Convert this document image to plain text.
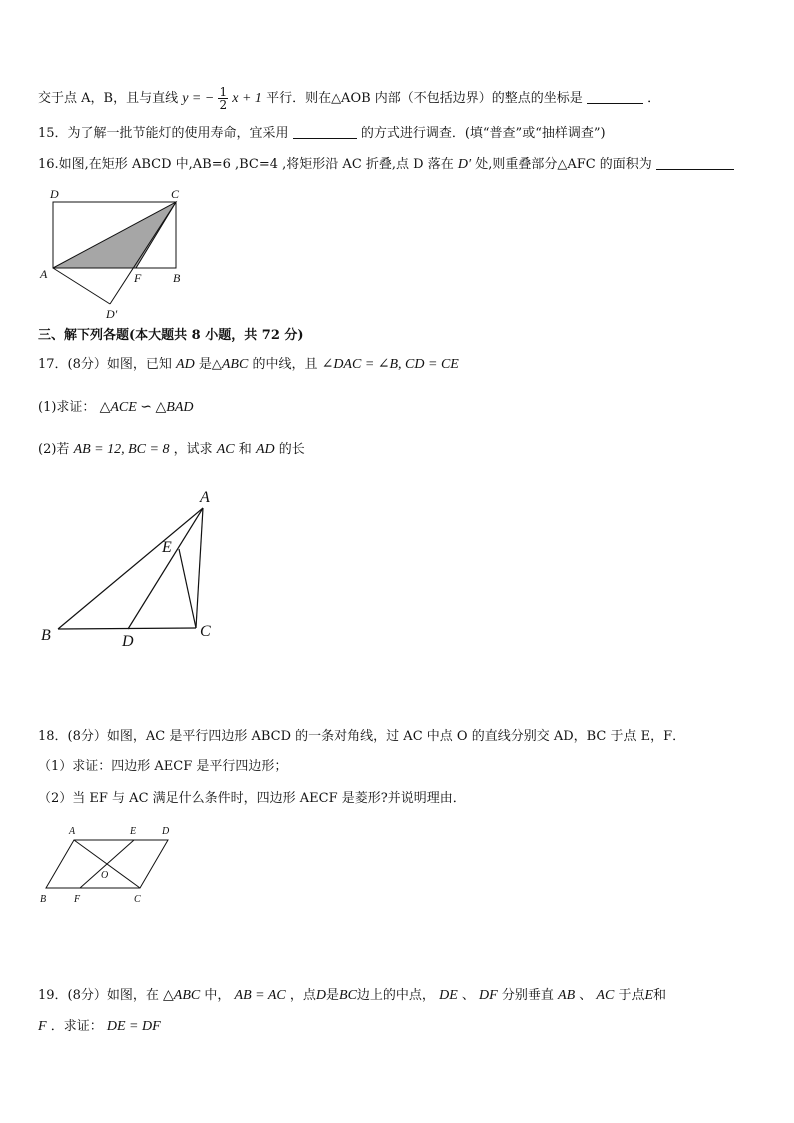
交于点 A，B，且与直线 y = − $\frac{1}{2}$ x + 1 平行．则在△AOB 内部（不包括边界）的整点的坐标是	．
15．为了解一批节能灯的使用寿命，宜采用	的方式进行调查．(填“普查”或“抽样调查”)
16.如图,在矩形 ABCD 中,AB=6 ,BC=4 ,将矩形沿 AC 折叠,点 D 落在 D′ 处,则重叠部分△AFC 的面积为
D	C
A	F	B
D′
三、解下列各题(本大题共 8 小题，共 72 分)
17．(8分）如图，已知 AD 是△ABC 的中线，且 ∠DAC = ∠B, CD = CE
(1)求证： △ACE ∽ △BAD
(2)若 AB = 12, BC = 8 ，试求 AC 和 AD 的长
A
E
B	D
C
18．(8分）如图，AC 是平行四边形 ABCD 的一条对角线，过 AC 中点 O 的直线分别交 AD，BC 于点 E，F．
（1）求证：四边形 AECF 是平行四边形；
（2）当 EF 与 AC 满足什么条件时，四边形 AECF 是菱形?并说明理由．
A	E	D
O
B	F	C
19．(8分）如图，在 △ABC 中， AB = AC ，点D是BC边上的中点， DE 、 DF 分别垂直 AB 、 AC 于点E和
F ．求证： DE = DF
